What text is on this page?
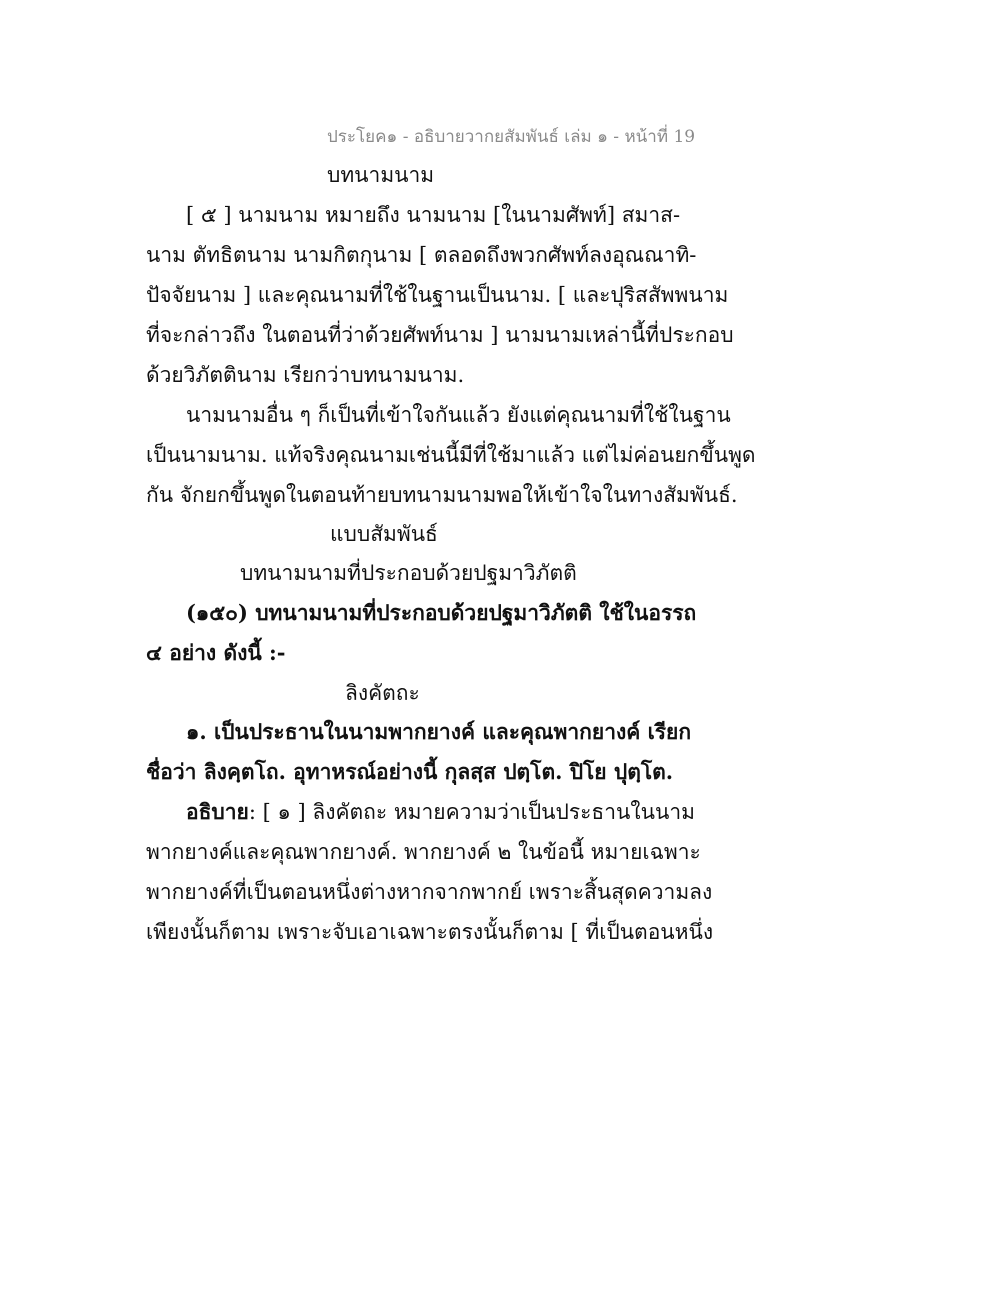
ประโยค๑ - อธิบายวากยสัมพันธ์ เล่ม ๑ - หน้าที่ 19
บทนามนาม
[ ๕ ] นามนาม หมายถึง นามนาม [ในนามศัพท์] สมาส-
นาม ตัทธิตนาม นามกิตกุนาม [ ตลอดถึงพวกศัพท์ลงอุณณาทิ-
ปัจจัยนาม ] และคุณนามที่ใช้ในฐานเป็นนาม. [ และปุริสสัพพนาม
ที่จะกล่าวถึง ในตอนที่ว่าด้วยศัพท์นาม ] นามนามเหล่านี้ที่ประกอบ
ด้วยวิภัตตินาม เรียกว่าบทนามนาม.
นามนามอื่น ๆ ก็เป็นที่เข้าใจกันแล้ว ยังแต่คุณนามที่ใช้ในฐาน
เป็นนามนาม. แท้จริงคุณนามเช่นนี้มีที่ใช้มาแล้ว แต่ไม่ค่อนยกขึ้นพูด
กัน จักยกขึ้นพูดในตอนท้ายบทนามนามพอให้เข้าใจในทางสัมพันธ์.
แบบสัมพันธ์
บทนามนามที่ประกอบด้วยปฐมาวิภัตติ
(๑๕๐) บทนามนามที่ประกอบด้วยปฐมาวิภัตติ ใช้ในอรรถ
๔ อย่าง ดังนี้ :-
ลิงคัตถะ
๑. เป็นประธานในนามพากยางค์ และคุณพากยางค์ เรียก
ชื่อว่า ลิงคฺตโถ. อุทาหรณ์อย่างนี้ กุลสฺส ปตฺโต. ปิโย ปุตฺโต.
อธิบาย: [ ๑ ] ลิงคัตถะ หมายความว่าเป็นประธานในนาม
พากยางค์และคุณพากยางค์. พากยางค์ ๒ ในข้อนี้ หมายเฉพาะ
พากยางค์ที่เป็นตอนหนึ่งต่างหากจากพากย์ เพราะสิ้นสุดความลง
เพียงนั้นก็ตาม เพราะจับเอาเฉพาะตรงนั้นก็ตาม [ ที่เป็นตอนหนึ่ง
